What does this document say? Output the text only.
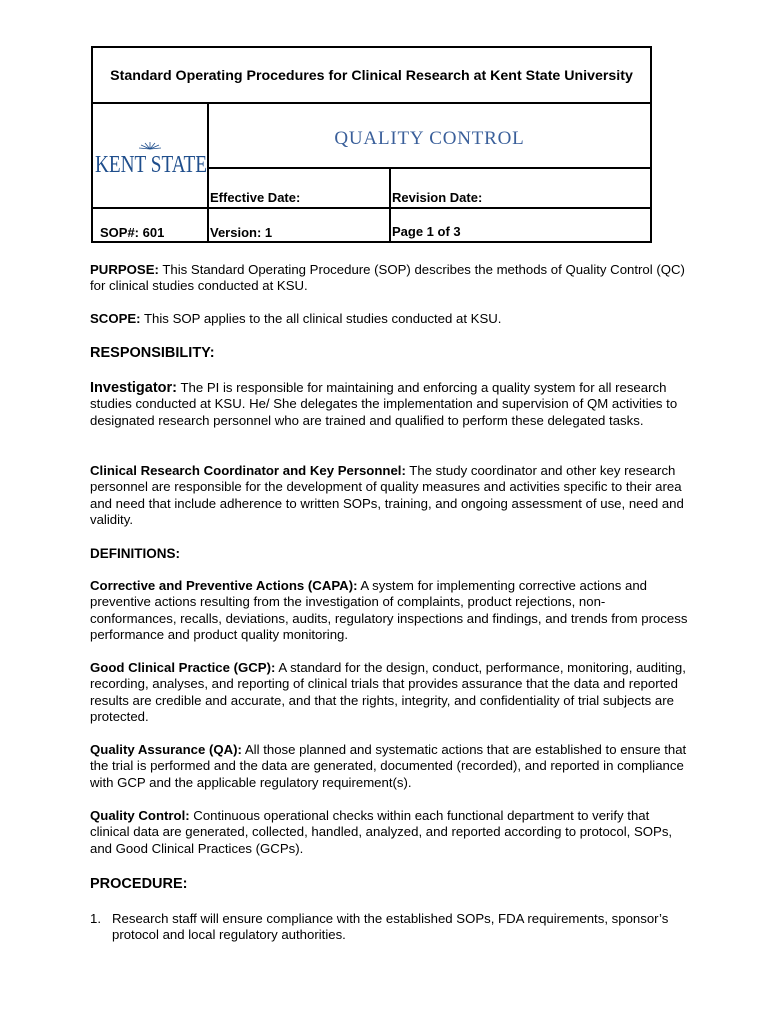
Standard Operating Procedures for Clinical Research at Kent State University
KENT STATE
QUALITY CONTROL
Effective Date:	Revision Date:
SOP#: 601	Version: 1	Page 1 of 3

PURPOSE: This Standard Operating Procedure (SOP) describes the methods of Quality Control (QC) for clinical studies conducted at KSU.

SCOPE: This SOP applies to the all clinical studies conducted at KSU.

RESPONSIBILITY:

Investigator: The PI is responsible for maintaining and enforcing a quality system for all research studies conducted at KSU. He/ She delegates the implementation and supervision of QM activities to designated research personnel who are trained and qualified to perform these delegated tasks.

Clinical Research Coordinator and Key Personnel: The study coordinator and other key research personnel are responsible for the development of quality measures and activities specific to their area and need that include adherence to written SOPs, training, and ongoing assessment of use, need and validity.

DEFINITIONS:

Corrective and Preventive Actions (CAPA): A system for implementing corrective actions and preventive actions resulting from the investigation of complaints, product rejections, non-conformances, recalls, deviations, audits, regulatory inspections and findings, and trends from process performance and product quality monitoring.

Good Clinical Practice (GCP): A standard for the design, conduct, performance, monitoring, auditing, recording, analyses, and reporting of clinical trials that provides assurance that the data and reported results are credible and accurate, and that the rights, integrity, and confidentiality of trial subjects are protected.

Quality Assurance (QA): All those planned and systematic actions that are established to ensure that the trial is performed and the data are generated, documented (recorded), and reported in compliance with GCP and the applicable regulatory requirement(s).

Quality Control: Continuous operational checks within each functional department to verify that clinical data are generated, collected, handled, analyzed, and reported according to protocol, SOPs, and Good Clinical Practices (GCPs).

PROCEDURE:
1. Research staff will ensure compliance with the established SOPs, FDA requirements, sponsor’s protocol and local regulatory authorities.
